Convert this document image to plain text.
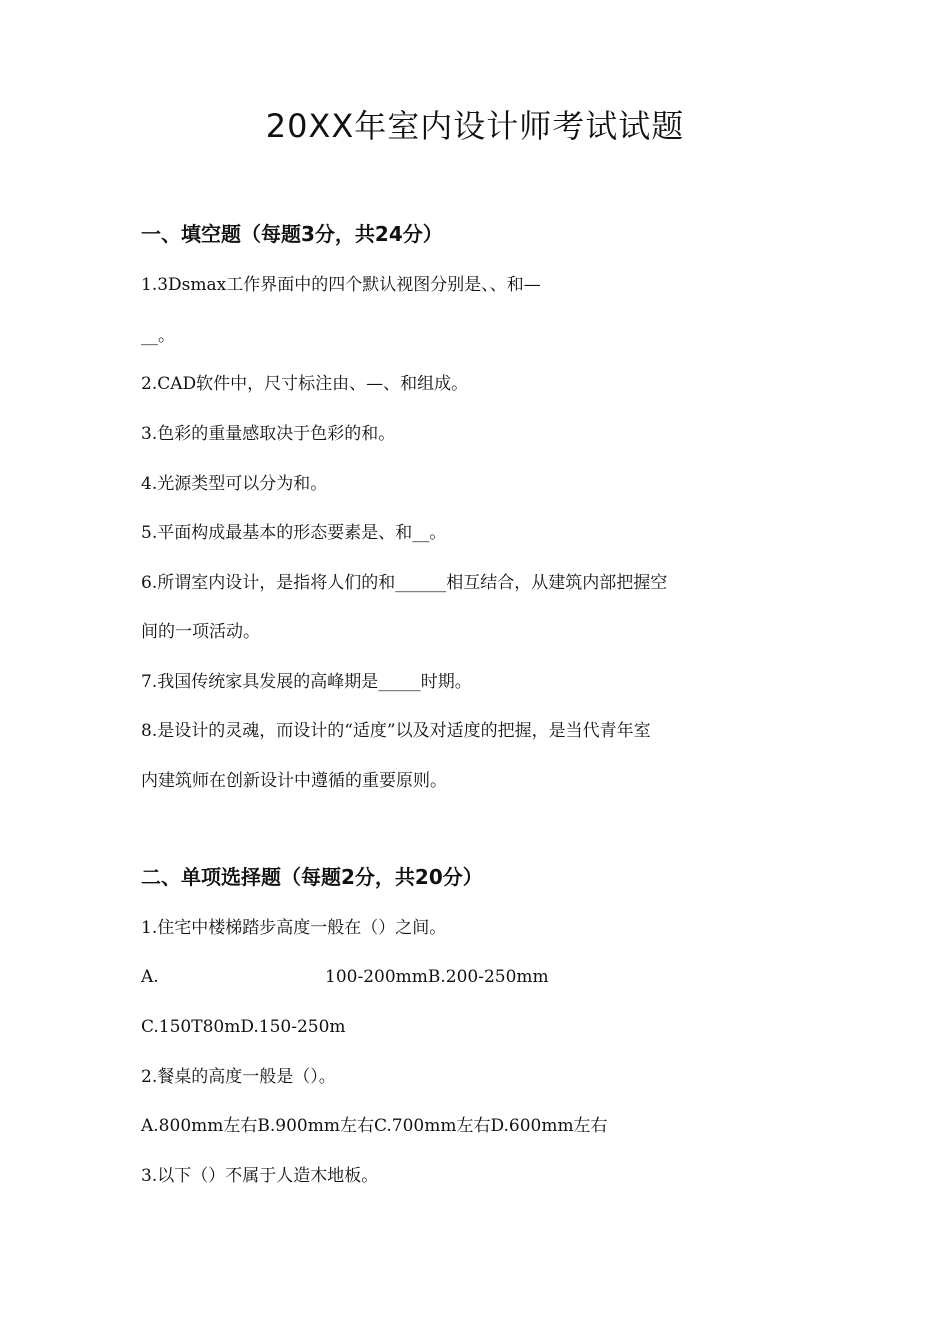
20XX年室内设计师考试试题
一、填空题（每题3分，共24分）

1.3Dsmax工作界面中的四个默认视图分别是、、和—

__。

2.CAD软件中，尺寸标注由、—、和组成。

3.色彩的重量感取决于色彩的和。

4.光源类型可以分为和。

5.平面构成最基本的形态要素是、和__。

6.所谓室内设计，是指将人们的和______相互结合，从建筑内部把握空

间的一项活动。

7.我国传统家具发展的高峰期是_____时期。

8.是设计的灵魂，而设计的“适度”以及对适度的把握，是当代青年室

内建筑师在创新设计中遵循的重要原则。

二、单项选择题（每题2分，共20分）

1.住宅中楼梯踏步高度一般在（）之间。

A.	100-200mmB.200-250mm

C.150T80mD.150-250m

2.餐桌的高度一般是（）。

A.800mm左右B.900mm左右C.700mm左右D.600mm左右

3.以下（）不属于人造木地板。
